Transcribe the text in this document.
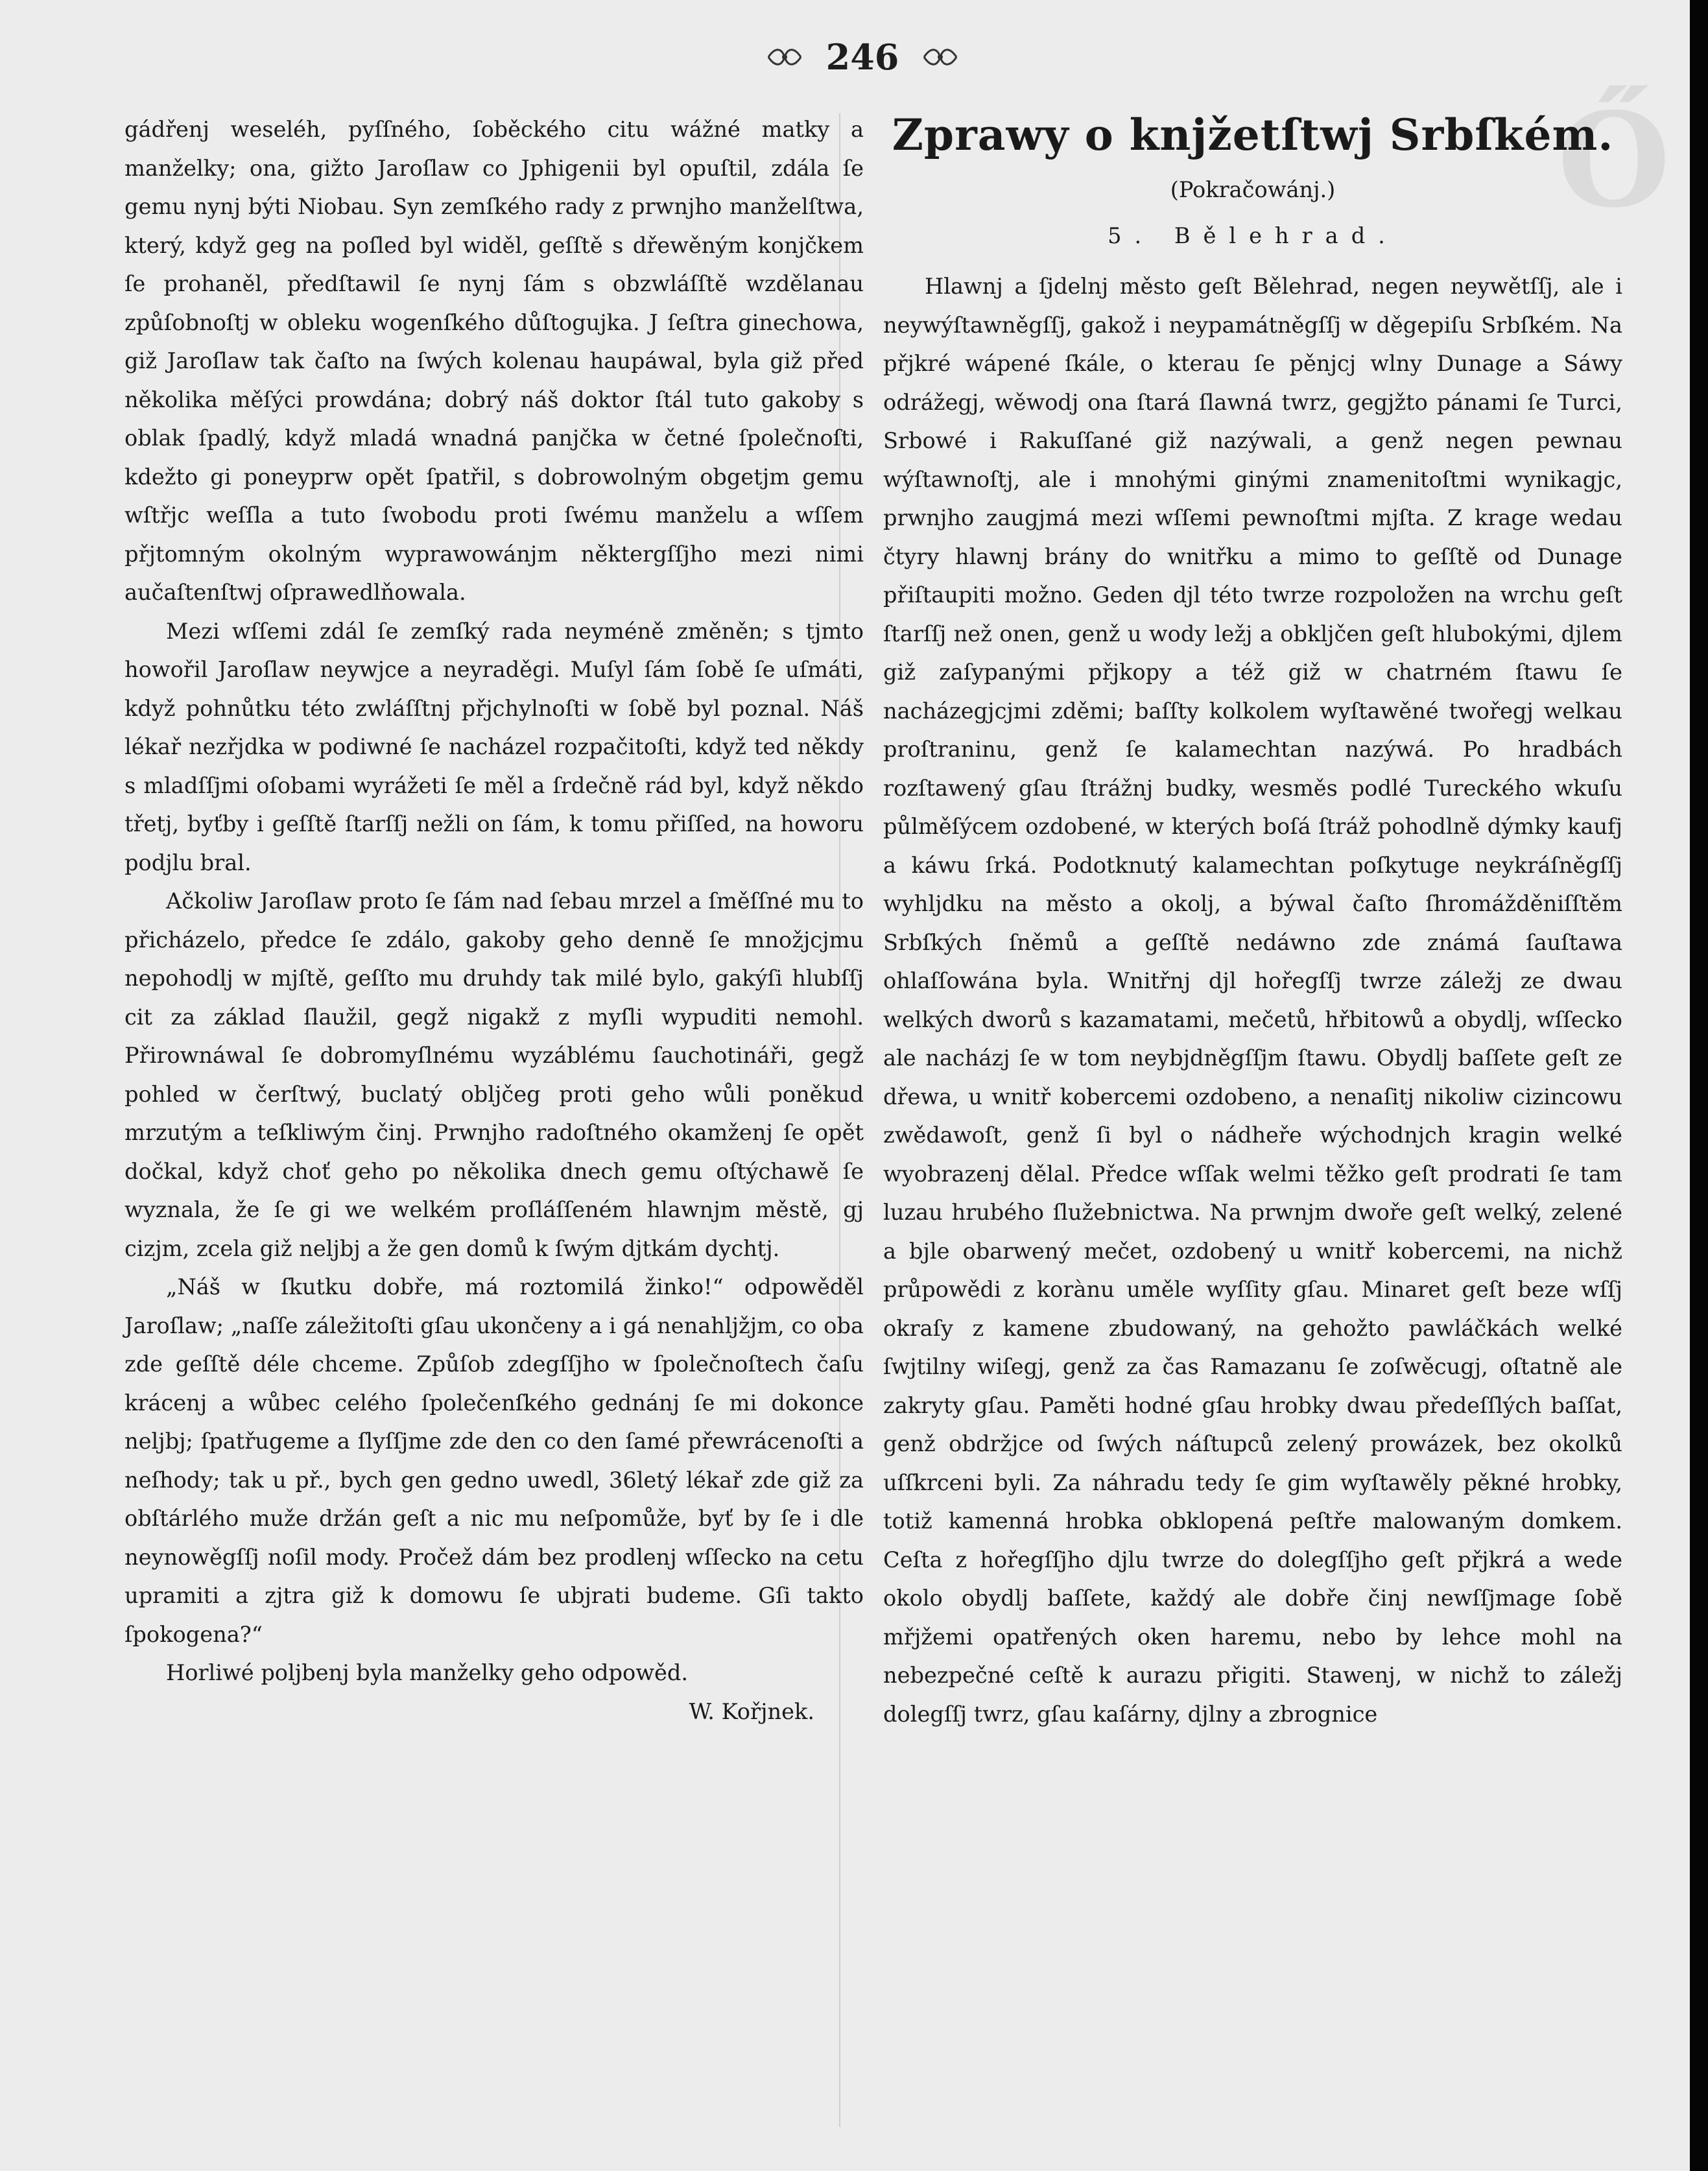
Ő
246

gádřenj weseléh, pyſſného, ſoběckého citu wážné matky a manželky; ona, gižto Jaroſlaw co Jphigenii byl opuſtil, zdála ſe gemu nynj býti Niobau. Syn zemſkého rady z prwnjho manželſtwa, který, když geg na poſled byl widěl, geſſtě s dřewěným konjčkem ſe prohaněl, předſtawil ſe nynj ſám s obzwláſſtě wzdělanau způſobnoſtj w obleku wogenſkého důſtogujka. J ſeſtra ginechowa, giž Jaroſlaw tak čaſto na ſwých kolenau haupáwal, byla giž před několika měſýci prowdána; dobrý náš doktor ſtál tuto gakoby s oblak ſpadlý, když mladá wnadná panjčka w četné ſpolečnoſti, kdežto gi poneyprw opět ſpatřil, s dobrowolným obgetjm gemu wſtřjc weſſla a tuto ſwobodu proti ſwému manželu a wſſem přjtomným okolným wyprawowánjm některgſſjho mezi nimi aučaſtenſtwj oſprawedlňowala.

Mezi wſſemi zdál ſe zemſký rada neyméně změněn; s tjmto howořil Jaroſlaw neywjce a neyraděgi. Muſyl ſám ſobě ſe uſmáti, když pohnůtku této zwláſſtnj přjchylnoſti w ſobě byl poznal. Náš lékař nezřjdka w podiwné ſe nacházel rozpačitoſti, když ted někdy s mladſſjmi oſobami wyrážeti ſe měl a ſrdečně rád byl, když někdo třetj, byťby i geſſtě ſtarſſj nežli on ſám, k tomu přiſſed, na howoru podjlu bral.

Ačkoliw Jaroſlaw proto ſe ſám nad ſebau mrzel a ſměſſné mu to přicházelo, předce ſe zdálo, gakoby geho denně ſe množjcjmu nepohodlj w mjſtě, geſſto mu druhdy tak milé bylo, gakýſi hlubſſj cit za základ ſlaužil, gegž nigakž z myſli wypuditi nemohl. Přirownáwal ſe dobromyſlnému wyzáblému ſauchotináři, gegž pohled w čerſtwý, buclatý obljčeg proti geho wůli poněkud mrzutým a teſkliwým činj. Prwnjho radoſtného okamženj ſe opět dočkal, když choť geho po několika dnech gemu oſtýchawě ſe wyznala, že ſe gi we welkém proſláſſeném hlawnjm městě, gj cizjm, zcela giž neljbj a že gen domů k ſwým djtkám dychtj.

„Náš w ſkutku dobře, má roztomilá žinko!“ odpowěděl Jaroſlaw; „naſſe záležitoſti gſau ukončeny a i gá nenahljžjm, co oba zde geſſtě déle chceme. Způſob zdegſſjho w ſpolečnoſtech čaſu krácenj a wůbec celého ſpolečenſkého gednánj ſe mi dokonce neljbj; ſpatřugeme a ſlyſſjme zde den co den ſamé přewrácenoſti a neſhody; tak u př., bych gen gedno uwedl, 36letý lékař zde giž za obſtárlého muže držán geſt a nic mu neſpomůže, byť by ſe i dle neynowěgſſj noſil mody. Pročež dám bez prodlenj wſſecko na cetu upramiti a zjtra giž k domowu ſe ubjrati budeme. Gſi takto ſpokogena?“

Horliwé poljbenj byla manželky geho odpowěd.

W. Kořjnek.

Zprawy o knjžetſtwj Srbſkém.

(Pokračowánj.)

5. Bělehrad.

Hlawnj a ſjdelnj město geſt Bělehrad, negen neywětſſj, ale i neywýſtawněgſſj, gakož i neypamátněgſſj w děgepiſu Srbſkém. Na přjkré wápené ſkále, o kterau ſe pěnjcj wlny Dunage a Sáwy odrážegj, wěwodj ona ſtará ſlawná twrz, gegjžto pánami ſe Turci, Srbowé i Rakuſſané giž nazýwali, a genž negen pewnau wýſtawnoſtj, ale i mnohými ginými znamenitoſtmi wynikagjc, prwnjho zaugjmá mezi wſſemi pewnoſtmi mjſta. Z krage wedau čtyry hlawnj brány do wnitřku a mimo to geſſtě od Dunage přiſtaupiti možno. Geden djl této twrze rozpoložen na wrchu geſt ſtarſſj než onen, genž u wody ležj a obkljčen geſt hlubokými, djlem giž zaſypanými přjkopy a též giž w chatrném ſtawu ſe nacházegjcjmi zděmi; baſſty kolkolem wyſtawěné twořegj welkau proſtraninu, genž ſe kalamechtan nazýwá. Po hradbách rozſtawený gſau ſtrážnj budky, wesměs podlé Tureckého wkuſu půlměſýcem ozdobené, w kterých boſá ſtráž pohodlně dýmky kaufj a káwu ſrká. Podotknutý kalamechtan poſkytuge neykráſněgſſj wyhljdku na město a okolj, a býwal čaſto ſhromážděniſſtěm Srbſkých ſněmů a geſſtě nedáwno zde známá ſauſtawa ohlaſſowána byla. Wnitřnj djl hořegſſj twrze záležj ze dwau welkých dworů s kazamatami, mečetů, hřbitowů a obydlj, wſſecko ale nacházj ſe w tom neybjdněgſſjm ſtawu. Obydlj baſſete geſt ze dřewa, u wnitř kobercemi ozdobeno, a nenaſitj nikoliw cizincowu zwědawoſt, genž ſi byl o nádheře wýchodnjch kragin welké wyobrazenj dělal. Předce wſſak welmi těžko geſt prodrati ſe tam luzau hrubého ſlužebnictwa. Na prwnjm dwoře geſt welký, zelené a bjle obarwený mečet, ozdobený u wnitř kobercemi, na nichž průpowědi z korànu uměle wyſſity gſau. Minaret geſt beze wſſj okraſy z kamene zbudowaný, na gehožto pawláčkách welké ſwjtilny wiſegj, genž za čas Ramazanu ſe zoſwěcugj, oſtatně ale zakryty gſau. Paměti hodné gſau hrobky dwau předeſſlých baſſat, genž obdržjce od ſwých náſtupců zelený prowázek, bez okolků uſſkrceni byli. Za náhradu tedy ſe gim wyſtawěly pěkné hrobky, totiž kamenná hrobka obklopená peſtře malowaným domkem. Ceſta z hořegſſjho djlu twrze do dolegſſjho geſt přjkrá a wede okolo obydlj baſſete, každý ale dobře činj newſſjmage ſobě mřjžemi opatřených oken haremu, nebo by lehce mohl na nebezpečné ceſtě k aurazu přigiti. Stawenj, w nichž to záležj dolegſſj twrz, gſau kaſárny, djlny a zbrognice
